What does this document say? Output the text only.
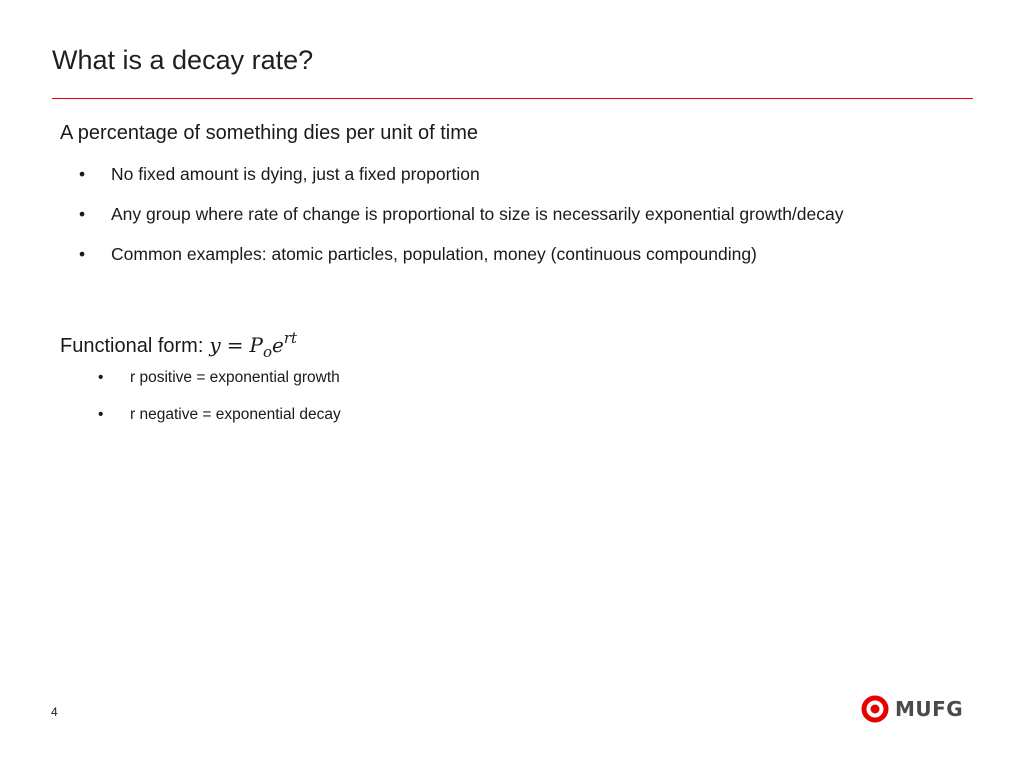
What is a decay rate?
A percentage of something dies per unit of time
• No fixed amount is dying, just a fixed proportion
• Any group where rate of change is proportional to size is necessarily exponential growth/decay
• Common examples: atomic particles, population, money (continuous compounding)
Functional form: $y = P_oe^{rt}$
• r positive = exponential growth
• r negative = exponential decay
4	MUFG
